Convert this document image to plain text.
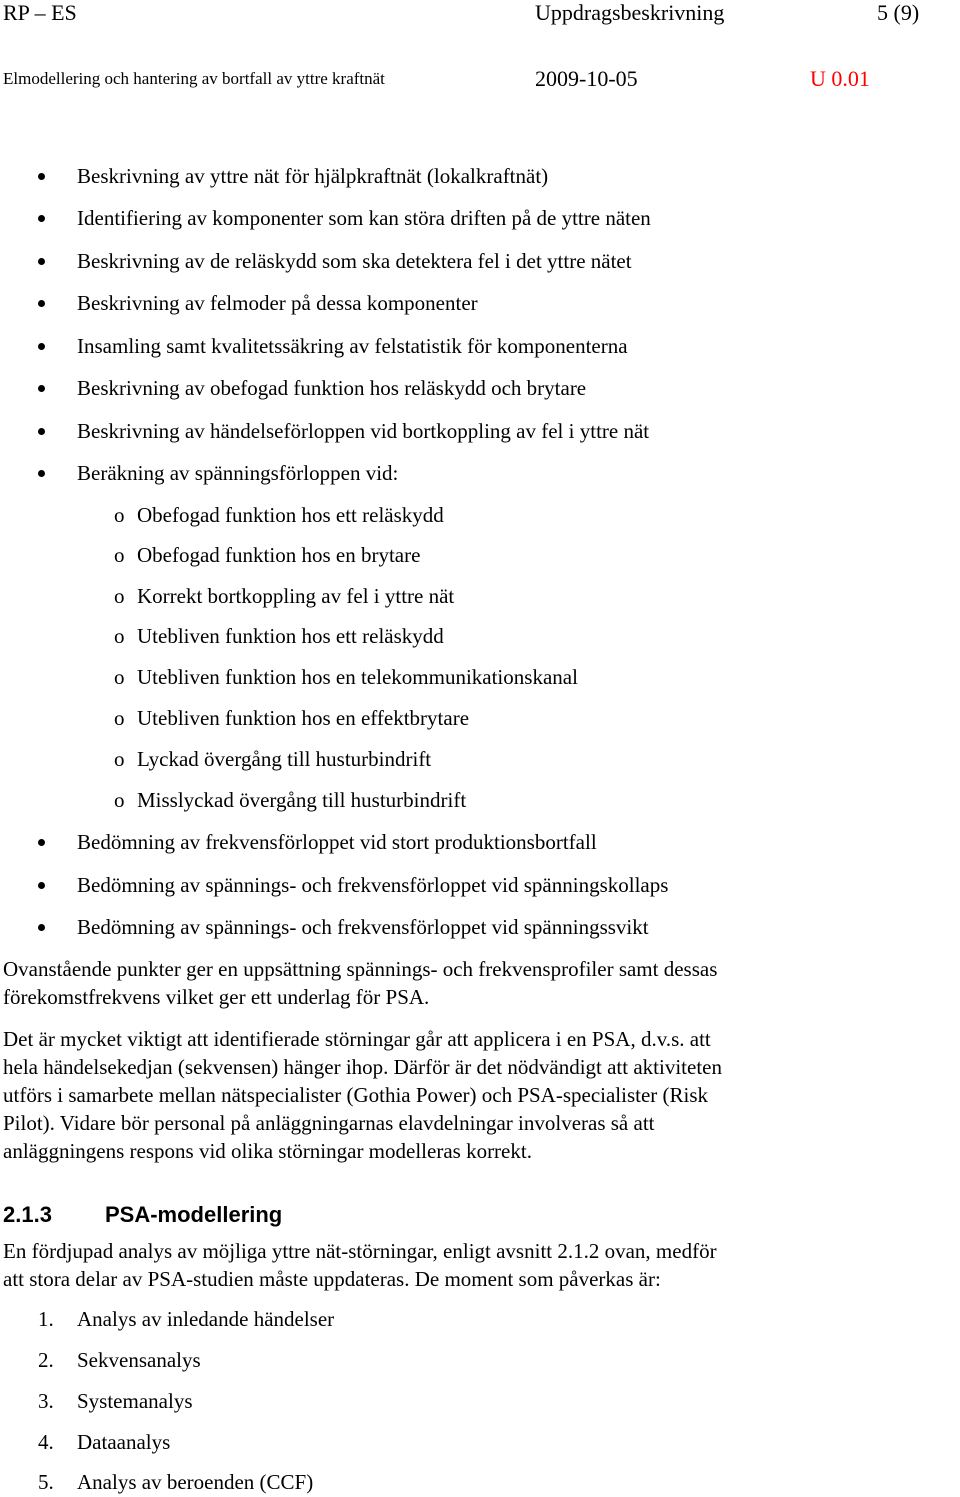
RP – ES	Uppdragsbeskrivning	5 (9)
Elmodellering och hantering av bortfall av yttre kraftnät	2009-10-05	U 0.01
Beskrivning av yttre nät för hjälpkraftnät (lokalkraftnät)
Identifiering av komponenter som kan störa driften på de yttre näten
Beskrivning av de reläskydd som ska detektera fel i det yttre nätet
Beskrivning av felmoder på dessa komponenter
Insamling samt kvalitetssäkring av felstatistik för komponenterna
Beskrivning av obefogad funktion hos reläskydd och brytare
Beskrivning av händelseförloppen vid bortkoppling av fel i yttre nät
Beräkning av spänningsförloppen vid:
o Obefogad funktion hos ett reläskydd
o Obefogad funktion hos en brytare
o Korrekt bortkoppling av fel i yttre nät
o Utebliven funktion hos ett reläskydd
o Utebliven funktion hos en telekommunikationskanal
o Utebliven funktion hos en effektbrytare
o Lyckad övergång till husturbindrift
o Misslyckad övergång till husturbindrift
Bedömning av frekvensförloppet vid stort produktionsbortfall
Bedömning av spännings- och frekvensförloppet vid spänningskollaps
Bedömning av spännings- och frekvensförloppet vid spänningssvikt
Ovanstående punkter ger en uppsättning spännings- och frekvensprofiler samt dessas
förekomstfrekvens vilket ger ett underlag för PSA.
Det är mycket viktigt att identifierade störningar går att applicera i en PSA, d.v.s. att
hela händelsekedjan (sekvensen) hänger ihop. Därför är det nödvändigt att aktiviteten
utförs i samarbete mellan nätspecialister (Gothia Power) och PSA-specialister (Risk
Pilot). Vidare bör personal på anläggningarnas elavdelningar involveras så att
anläggningens respons vid olika störningar modelleras korrekt.
2.1.3 PSA-modellering
En fördjupad analys av möjliga yttre nät-störningar, enligt avsnitt 2.1.2 ovan, medför
att stora delar av PSA-studien måste uppdateras. De moment som påverkas är:
1. Analys av inledande händelser
2. Sekvensanalys
3. Systemanalys
4. Dataanalys
5. Analys av beroenden (CCF)
